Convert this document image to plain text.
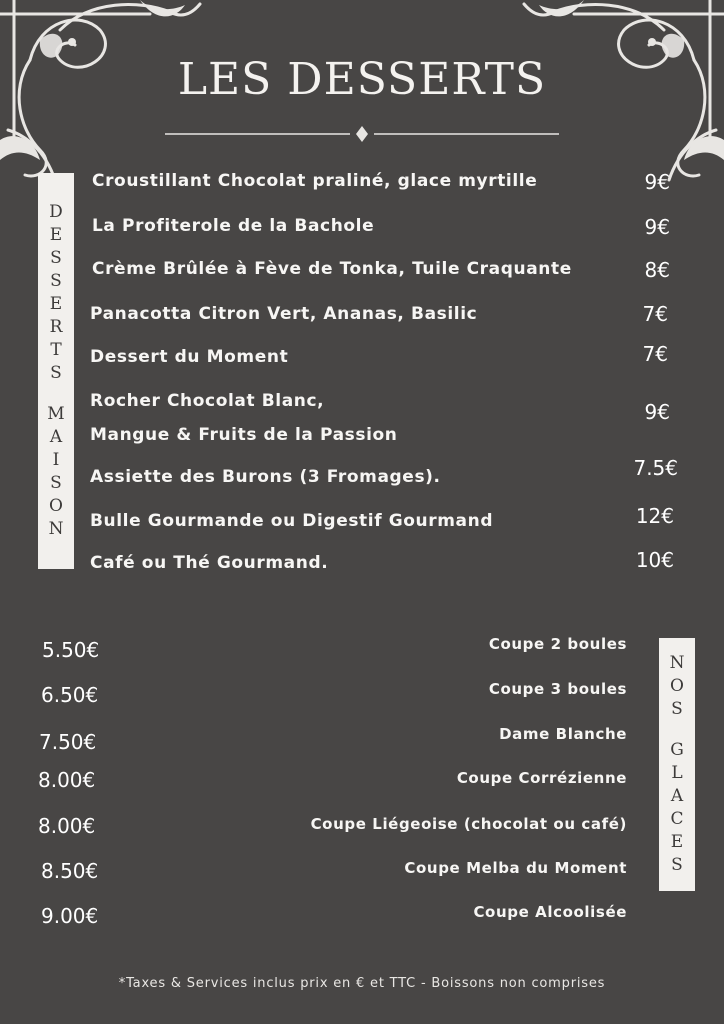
LES DESSERTS
D
E
S
S
E
R
T
S
M
A
I
S
O
N
Croustillant Chocolat praliné, glace myrtille	9€
La Profiterole de la Bachole	9€
Crème Brûlée à Fève de Tonka, Tuile Craquante	8€
Panacotta Citron Vert, Ananas, Basilic	7€
Dessert du Moment	7€
Rocher Chocolat Blanc,
Mangue & Fruits de la Passion
9€
Assiette des Burons (3 Fromages).	7.5€
Bulle Gourmande ou Digestif Gourmand	12€
Café ou Thé Gourmand.	10€
Coupe 2 boules
5.50€
Coupe 3 boules
6.50€
Dame Blanche
7.50€
Coupe Corrézienne
8.00€
Coupe Liégeoise (chocolat ou café)
8.00€
Coupe Melba du Moment
8.50€
Coupe Alcoolisée
9.00€
N
O
S
G
L
A
C
E
S
*Taxes & Services inclus prix en € et TTC - Boissons non comprises
